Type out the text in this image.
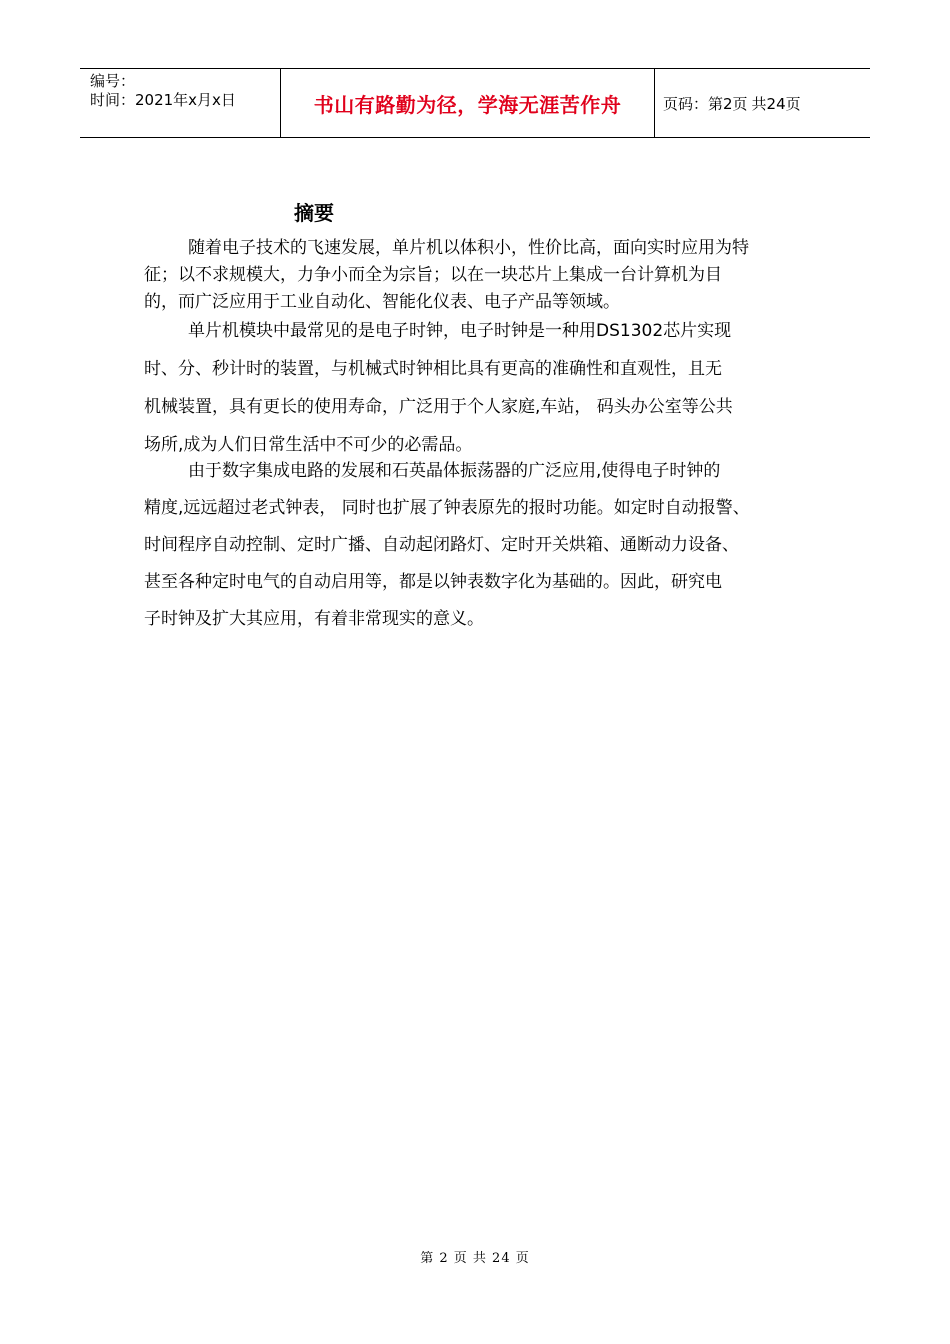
编号：
时间：2021年x月x日	书山有路勤为径，学海无涯苦作舟	页码：第2页 共24页
摘要

随着电子技术的飞速发展，单片机以体积小，性价比高，面向实时应用为特
征；以不求规模大，力争小而全为宗旨；以在一块芯片上集成一台计算机为目
的，而广泛应用于工业自动化、智能化仪表、电子产品等领域。

单片机模块中最常见的是电子时钟，电子时钟是一种用DS1302芯片实现
时、分、秒计时的装置，与机械式时钟相比具有更高的准确性和直观性，且无
机械装置，具有更长的使用寿命，广泛用于个人家庭,车站， 码头办公室等公共
场所,成为人们日常生活中不可少的必需品。

由于数字集成电路的发展和石英晶体振荡器的广泛应用,使得电子时钟的
精度,远远超过老式钟表， 同时也扩展了钟表原先的报时功能。如定时自动报警、
时间程序自动控制、定时广播、自动起闭路灯、定时开关烘箱、通断动力设备、
甚至各种定时电气的自动启用等，都是以钟表数字化为基础的。因此，研究电
子时钟及扩大其应用，有着非常现实的意义。

第 2 页 共 24 页
